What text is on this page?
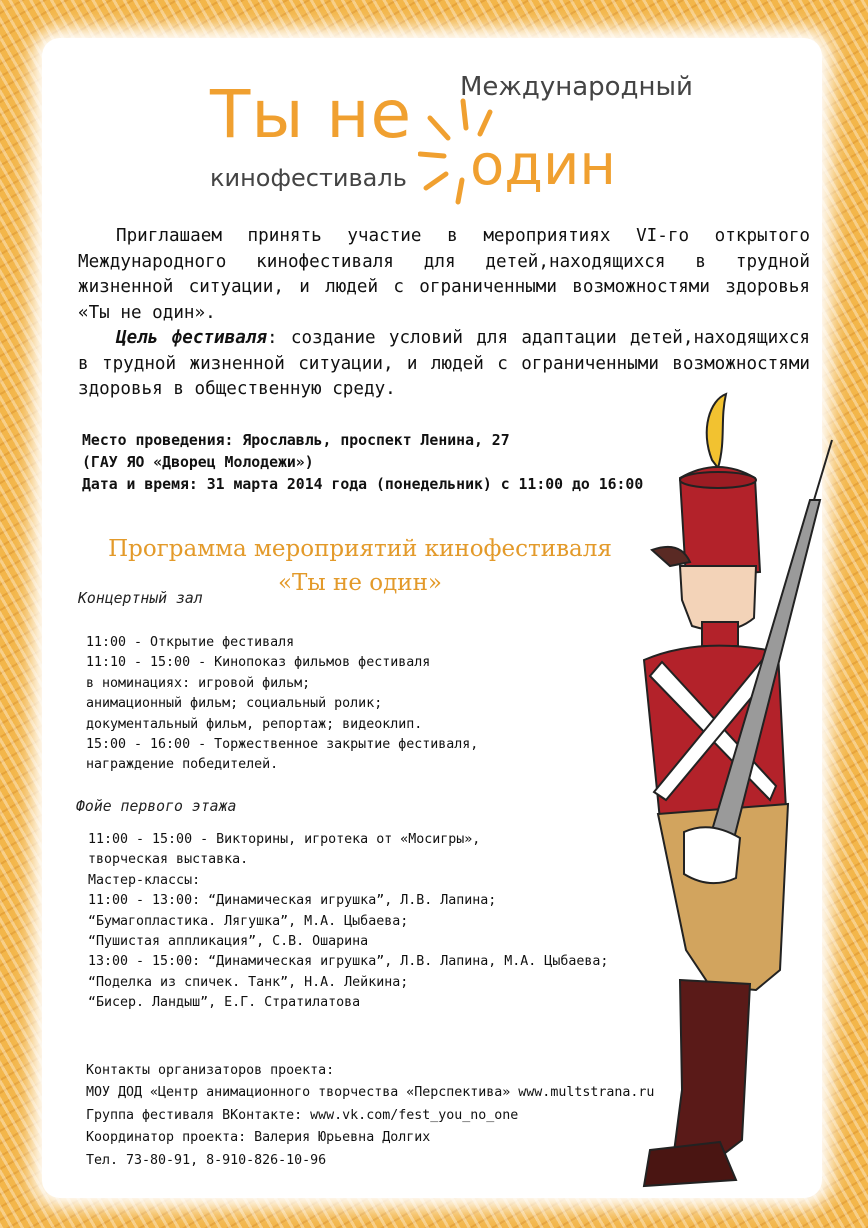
Ты не Международный
кинофестиваль один

Приглашаем принять участие в мероприятиях VI-го открытого Международного кинофестиваля для детей,находящихся в трудной жизненной ситуации, и людей с ограниченными возможностями здоровья «Ты не один».

Цель фестиваля: создание условий для адаптации детей,находящихся в трудной жизненной ситуации, и людей с ограниченными возможностями здоровья в общественную среду.

Место проведения: Ярославль, проспект Ленина, 27
(ГАУ ЯО «Дворец Молодежи»)
Дата и время: 31 марта 2014 года (понедельник) с 11:00 до 16:00
Программа мероприятий кинофестиваля
«Ты не один»
Концертный зал
11:00 - Открытие фестиваля
11:10 - 15:00 - Кинопоказ фильмов фестиваля
в номинациях: игровой фильм;
анимационный фильм; социальный ролик;
документальный фильм, репортаж; видеоклип.
15:00 - 16:00 - Торжественное закрытие фестиваля,
награждение победителей.
Фойе первого этажа
11:00 - 15:00 - Викторины, игротека от «Мосигры»,
творческая выставка.
Мастер-классы:
11:00 - 13:00: “Динамическая игрушка”, Л.В. Лапина;
“Бумагопластика. Лягушка”, М.А. Цыбаева;
“Пушистая аппликация”, С.В. Ошарина
13:00 - 15:00: “Динамическая игрушка”, Л.В. Лапина, М.А. Цыбаева;
“Поделка из спичек. Танк”, Н.А. Лейкина;
“Бисер. Ландыш”, Е.Г. Стратилатова
Контакты организаторов проекта:
МОУ ДОД «Центр анимационного творчества «Перспектива» www.multstrana.ru
Группа фестиваля ВКонтакте: www.vk.com/fest_you_no_one
Координатор проекта: Валерия Юрьевна Долгих
Тел. 73-80-91, 8-910-826-10-96
